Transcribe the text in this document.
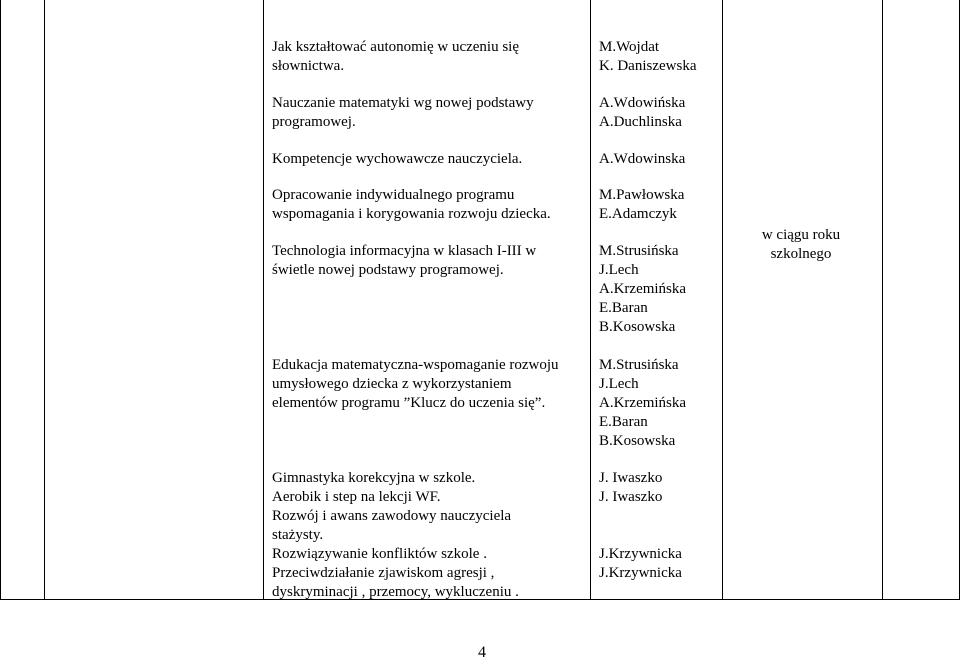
Jak kształtować autonomię w uczeniu się
słownictwa.
Nauczanie matematyki wg nowej podstawy
programowej.
Kompetencje wychowawcze nauczyciela.
Opracowanie indywidualnego programu
wspomagania i korygowania rozwoju dziecka.
Technologia informacyjna w klasach I-III w
świetle nowej podstawy programowej.
Edukacja matematyczna-wspomaganie rozwoju
umysłowego dziecka z wykorzystaniem
elementów programu ”Klucz do uczenia się”.
Gimnastyka korekcyjna w szkole.
Aerobik i step na lekcji WF.
Rozwój i awans zawodowy nauczyciela
stażysty.
Rozwiązywanie konfliktów szkole .
Przeciwdziałanie zjawiskom agresji ,
dyskryminacji , przemocy, wykluczeniu .
M.Wojdat
K. Daniszewska
A.Wdowińska
A.Duchlinska
A.Wdowinska
M.Pawłowska
E.Adamczyk
M.Strusińska
J.Lech
A.Krzemińska
E.Baran
B.Kosowska
M.Strusińska
J.Lech
A.Krzemińska
E.Baran
B.Kosowska
J. Iwaszko
J. Iwaszko
J.Krzywnicka
J.Krzywnicka
w ciągu roku
szkolnego
4
